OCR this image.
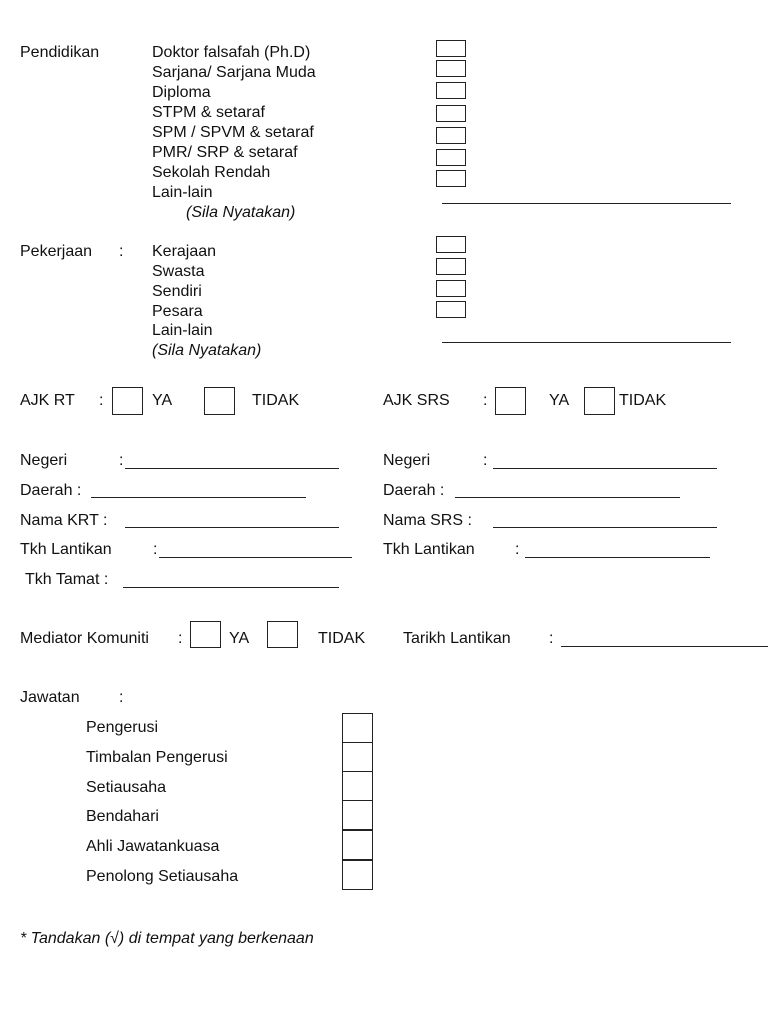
Pendidikan	Doktor falsafah (Ph.D)
Sarjana/ Sarjana Muda
Diploma
STPM & setaraf
SPM / SPVM & setaraf
PMR/ SRP & setaraf
Sekolah Rendah
Lain-lain
(Sila Nyatakan)
Pekerjaan : Kerajaan
Swasta
Sendiri
Pesara
Lain-lain
(Sila Nyatakan)
AJK RT :	YA	TIDAK	AJK SRS :	YA	TIDAK
Negeri	:
Daerah :
Nama KRT :
Tkh Lantikan	:
Tkh Tamat :
Negeri	:
Daerah :
Nama SRS :
Tkh Lantikan	:
Mediator Komuniti :	YA	TIDAK Tarikh Lantikan :
Jawatan :
Pengerusi
Timbalan Pengerusi
Setiausaha
Bendahari
Ahli Jawatankuasa
Penolong Setiausaha
* Tandakan (√) di tempat yang berkenaan
